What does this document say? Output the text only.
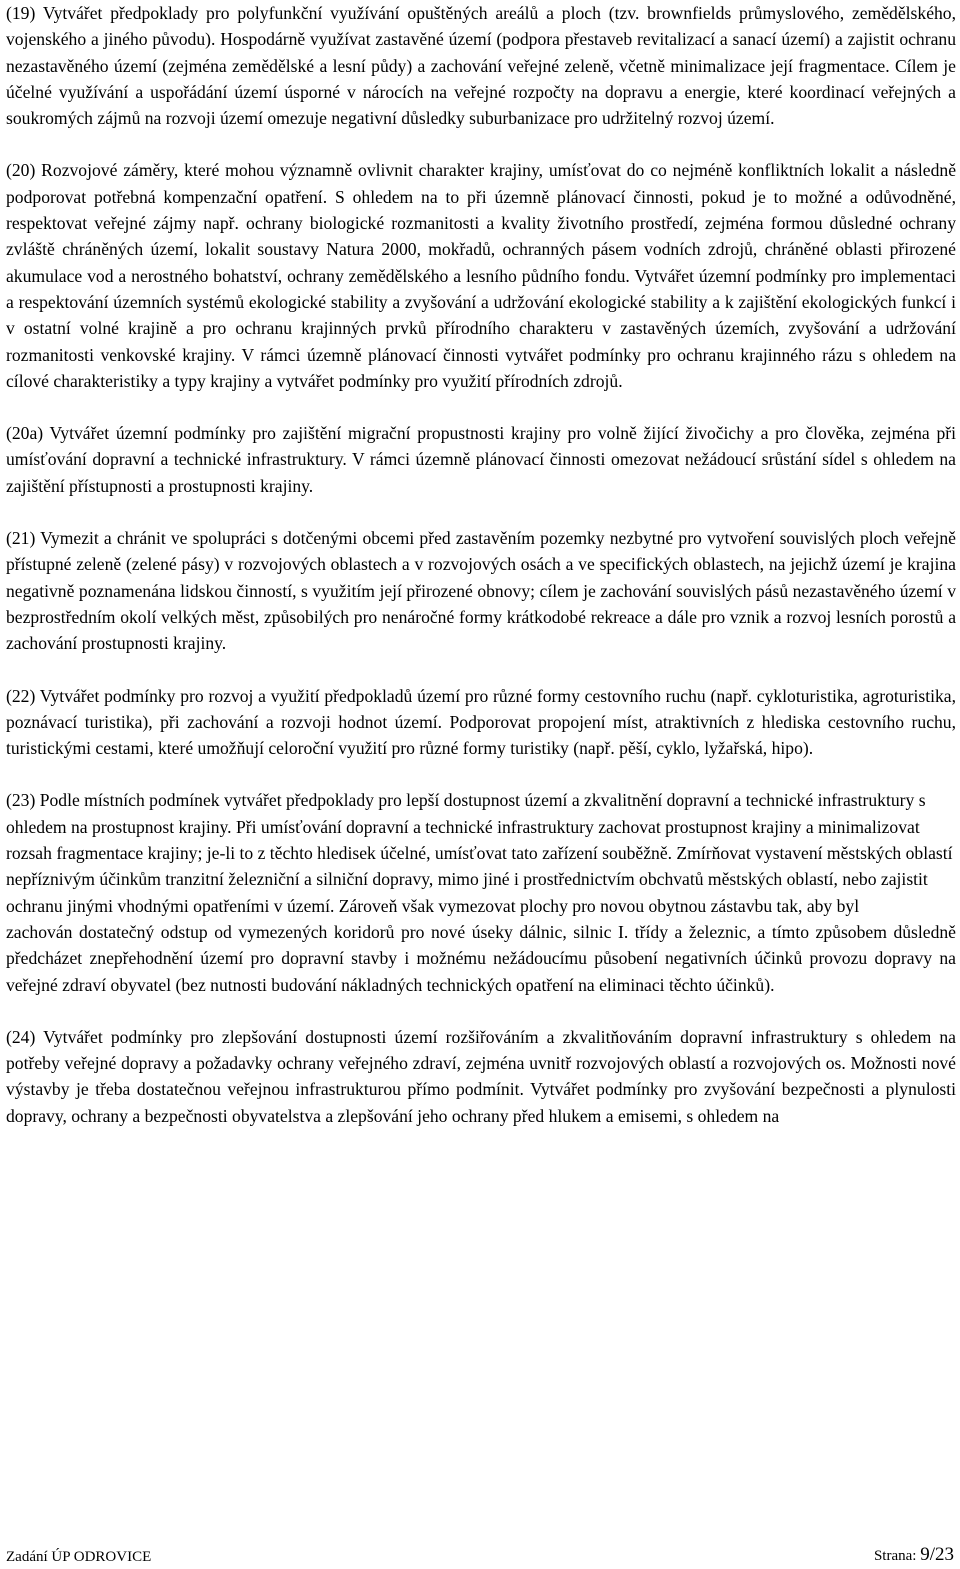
(19) Vytvářet předpoklady pro polyfunkční využívání opuštěných areálů a ploch (tzv. brownfields průmyslového, zemědělského, vojenského a jiného původu). Hospodárně využívat zastavěné území (podpora přestaveb revitalizací a sanací území) a zajistit ochranu nezastavěného území (zejména zemědělské a lesní půdy) a zachování veřejné zeleně, včetně minimalizace její fragmentace. Cílem je účelné využívání a uspořádání území úsporné v nárocích na veřejné rozpočty na dopravu a energie, které koordinací veřejných a soukromých zájmů na rozvoji území omezuje negativní důsledky suburbanizace pro udržitelný rozvoj území.

(20) Rozvojové záměry, které mohou významně ovlivnit charakter krajiny, umísťovat do co nejméně konfliktních lokalit a následně podporovat potřebná kompenzační opatření. S ohledem na to při územně plánovací činnosti, pokud je to možné a odůvodněné, respektovat veřejné zájmy např. ochrany biologické rozmanitosti a kvality životního prostředí, zejména formou důsledné ochrany zvláště chráněných území, lokalit soustavy Natura 2000, mokřadů, ochranných pásem vodních zdrojů, chráněné oblasti přirozené akumulace vod a nerostného bohatství, ochrany zemědělského a lesního půdního fondu. Vytvářet územní podmínky pro implementaci a respektování územních systémů ekologické stability a zvyšování a udržování ekologické stability a k zajištění ekologických funkcí i v ostatní volné krajině a pro ochranu krajinných prvků přírodního charakteru v zastavěných územích, zvyšování a udržování rozmanitosti venkovské krajiny. V rámci územně plánovací činnosti vytvářet podmínky pro ochranu krajinného rázu s ohledem na cílové charakteristiky a typy krajiny a vytvářet podmínky pro využití přírodních zdrojů.

(20a) Vytvářet územní podmínky pro zajištění migrační propustnosti krajiny pro volně žijící živočichy a pro člověka, zejména při umísťování dopravní a technické infrastruktury. V rámci územně plánovací činnosti omezovat nežádoucí srůstání sídel s ohledem na zajištění přístupnosti a prostupnosti krajiny.

(21) Vymezit a chránit ve spolupráci s dotčenými obcemi před zastavěním pozemky nezbytné pro vytvoření souvislých ploch veřejně přístupné zeleně (zelené pásy) v rozvojových oblastech a v rozvojových osách a ve specifických oblastech, na jejichž území je krajina negativně poznamenána lidskou činností, s využitím její přirozené obnovy; cílem je zachování souvislých pásů nezastavěného území v bezprostředním okolí velkých měst, způsobilých pro nenáročné formy krátkodobé rekreace a dále pro vznik a rozvoj lesních porostů a zachování prostupnosti krajiny.

(22) Vytvářet podmínky pro rozvoj a využití předpokladů území pro různé formy cestovního ruchu (např. cykloturistika, agroturistika, poznávací turistika), při zachování a rozvoji hodnot území. Podporovat propojení míst, atraktivních z hlediska cestovního ruchu, turistickými cestami, které umožňují celoroční využití pro různé formy turistiky (např. pěší, cyklo, lyžařská, hipo).

(23) Podle místních podmínek vytvářet předpoklady pro lepší dostupnost území a zkvalitnění dopravní a technické infrastruktury s ohledem na prostupnost krajiny. Při umísťování dopravní a technické infrastruktury zachovat prostupnost krajiny a minimalizovat rozsah fragmentace krajiny; je-li to z těchto hledisek účelné, umísťovat tato zařízení souběžně. Zmírňovat vystavení městských oblastí nepříznivým účinkům tranzitní železniční a silniční dopravy, mimo jiné i prostřednictvím obchvatů městských oblastí, nebo zajistit ochranu jinými vhodnými opatřeními v území. Zároveň však vymezovat plochy pro novou obytnou zástavbu tak, aby byl
zachován dostatečný odstup od vymezených koridorů pro nové úseky dálnic, silnic I. třídy a železnic, a tímto způsobem důsledně předcházet znepřehodnění území pro dopravní stavby i možnému nežádoucímu působení negativních účinků provozu dopravy na veřejné zdraví obyvatel (bez nutnosti budování nákladných technických opatření na eliminaci těchto účinků).

(24) Vytvářet podmínky pro zlepšování dostupnosti území rozšiřováním a zkvalitňováním dopravní infrastruktury s ohledem na potřeby veřejné dopravy a požadavky ochrany veřejného zdraví, zejména uvnitř rozvojových oblastí a rozvojových os. Možnosti nové výstavby je třeba dostatečnou veřejnou infrastrukturou přímo podmínit. Vytvářet podmínky pro zvyšování bezpečnosti a plynulosti dopravy, ochrany a bezpečnosti obyvatelstva a zlepšování jeho ochrany před hlukem a emisemi, s ohledem na

Zadání ÚP ODROVICE	Strana: 9/23
